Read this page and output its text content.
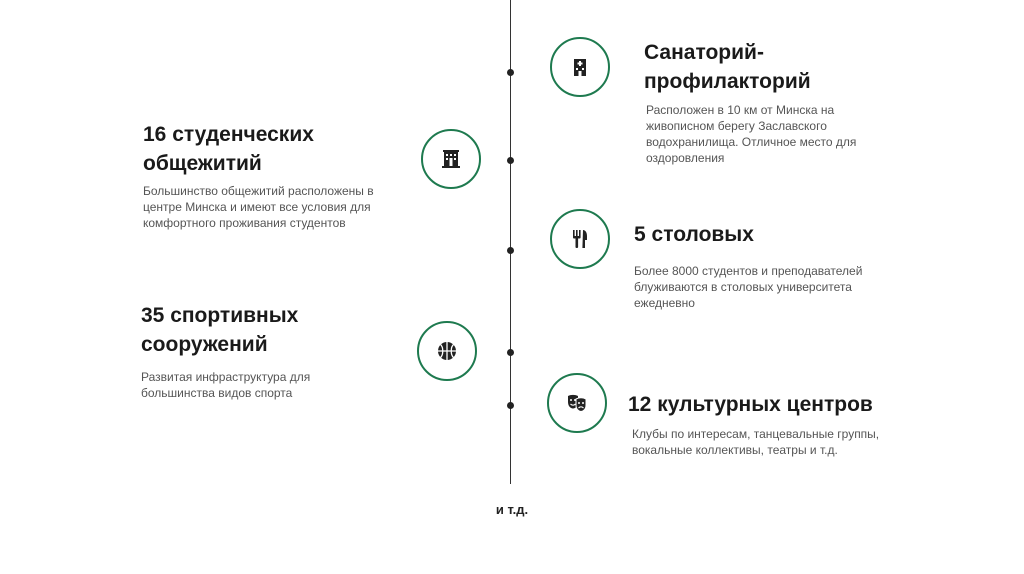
Санаторий-профилакторий
Расположен в 10 км от Минска на живописном берегу Заславского водохранилища. Отличное место для оздоровления
16 студенческих общежитий
Большинство общежитий расположены в центре Минска и имеют все условия для комфортного проживания студентов	5 столовых
Более 8000 студентов и преподавателей блуживаются в столовых университета ежедневно
35 спортивных сооружений
Развитая инфраструктура для большинства видов спорта	12 культурных центров
Клубы по интересам, танцевальные группы, вокальные коллективы, театры и т.д.
и т.д.
